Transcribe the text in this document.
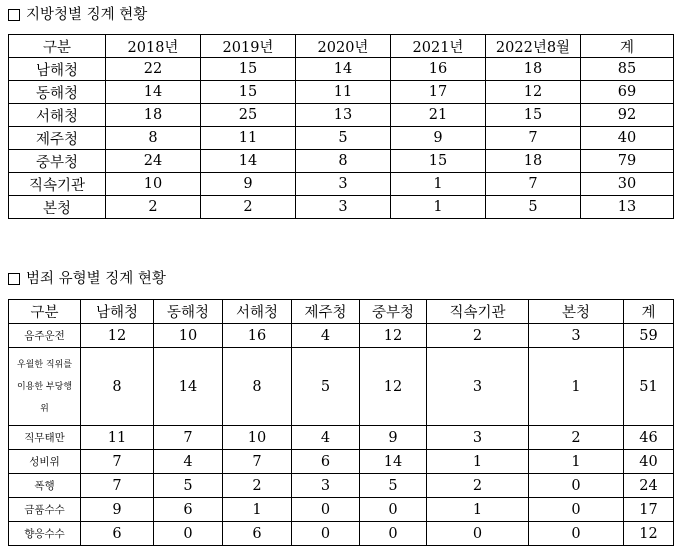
지방청별 징계 현황
구분	2018년	2019년	2020년	2021년	2022년8월	계
남해청	22	15	14	16	18	85
동해청	14	15	11	17	12	69
서해청	18	25	13	21	15	92
제주청	8	11	5	9	7	40
중부청	24	14	8	15	18	79
직속기관	10	9	3	1	7	30
본청	2	2	3	1	5	13
범죄 유형별 징계 현황
구분	남해청	동해청	서해청	제주청	중부청	직속기관	본청	계
음주운전	12	10	16	4	12	2	3	59
우월한 직위를 이용한 부당행위	8	14	8	5	12	3	1	51
직무태만	11	7	10	4	9	3	2	46
성비위	7	4	7	6	14	1	1	40
폭행	7	5	2	3	5	2	0	24
금품수수	9	6	1	0	0	1	0	17
향응수수	6	0	6	0	0	0	0	12
